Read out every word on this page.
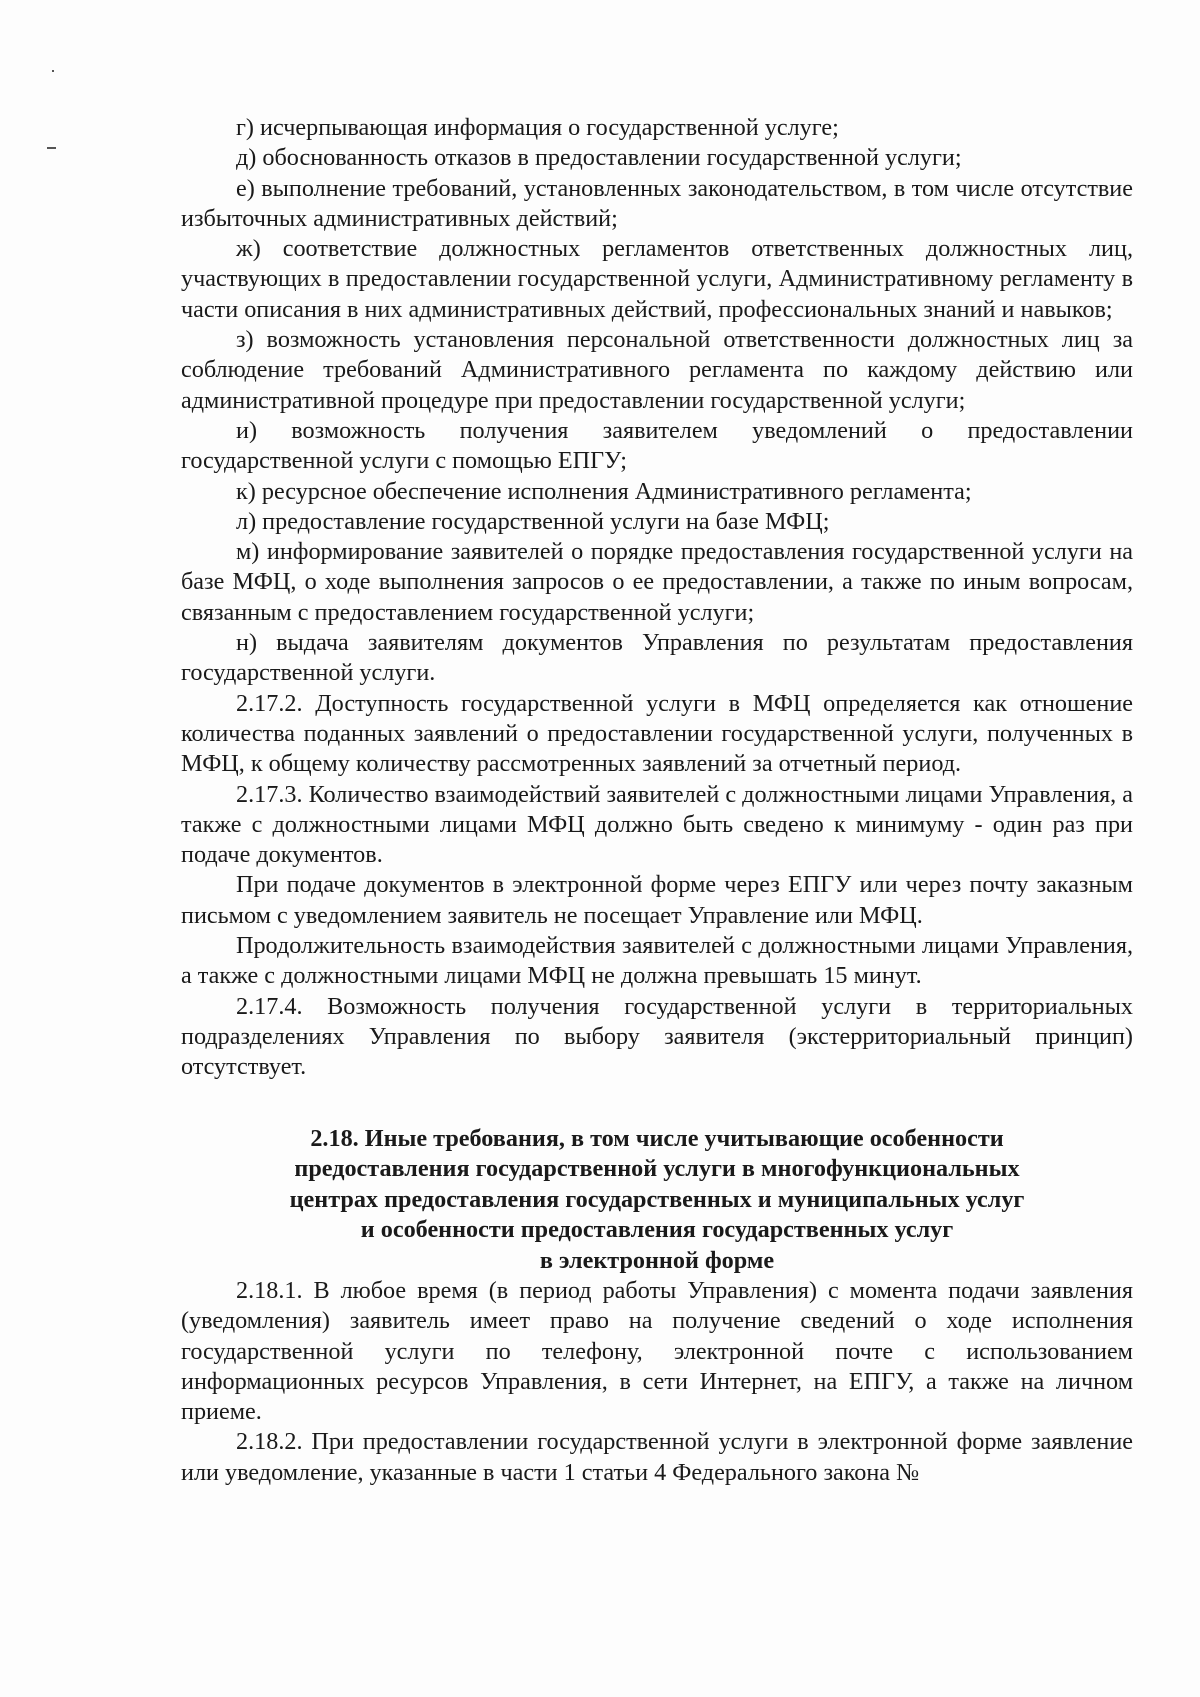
г) исчерпывающая информация о государственной услуге;

д) обоснованность отказов в предоставлении государственной услуги;

е) выполнение требований, установленных законодательством, в том числе отсутствие избыточных административных действий;

ж) соответствие должностных регламентов ответственных должностных лиц, участвующих в предоставлении государственной услуги, Административному регламенту в части описания в них административных действий, профессиональных знаний и навыков;

з) возможность установления персональной ответственности должностных лиц за соблюдение требований Административного регламента по каждому действию или административной процедуре при предоставлении государственной услуги;

и) возможность получения заявителем уведомлений о предоставлении государственной услуги с помощью ЕПГУ;

к) ресурсное обеспечение исполнения Административного регламента;

л) предоставление государственной услуги на базе МФЦ;

м) информирование заявителей о порядке предоставления государственной услуги на базе МФЦ, о ходе выполнения запросов о ее предоставлении, а также по иным вопросам, связанным с предоставлением государственной услуги;

н) выдача заявителям документов Управления по результатам предоставления государственной услуги.

2.17.2. Доступность государственной услуги в МФЦ определяется как отношение количества поданных заявлений о предоставлении государственной услуги, полученных в МФЦ, к общему количеству рассмотренных заявлений за отчетный период.

2.17.3. Количество взаимодействий заявителей с должностными лицами Управления, а также с должностными лицами МФЦ должно быть сведено к минимуму - один раз при подаче документов.

При подаче документов в электронной форме через ЕПГУ или через почту заказным письмом с уведомлением заявитель не посещает Управление или МФЦ.

Продолжительность взаимодействия заявителей с должностными лицами Управления, а также с должностными лицами МФЦ не должна превышать 15 минут.

2.17.4. Возможность получения государственной услуги в территориальных подразделениях Управления по выбору заявителя (экстерриториальный принцип) отсутствует.

2.18. Иные требования, в том числе учитывающие особенности
предоставления государственной услуги в многофункциональных
центрах предоставления государственных и муниципальных услуг
и особенности предоставления государственных услуг
в электронной форме

2.18.1. В любое время (в период работы Управления) с момента подачи заявления (уведомления) заявитель имеет право на получение сведений о ходе исполнения государственной услуги по телефону, электронной почте с использованием информационных ресурсов Управления, в сети Интернет, на ЕПГУ, а также на личном приеме.

2.18.2. При предоставлении государственной услуги в электронной форме заявление или уведомление, указанные в части 1 статьи 4 Федерального закона №
